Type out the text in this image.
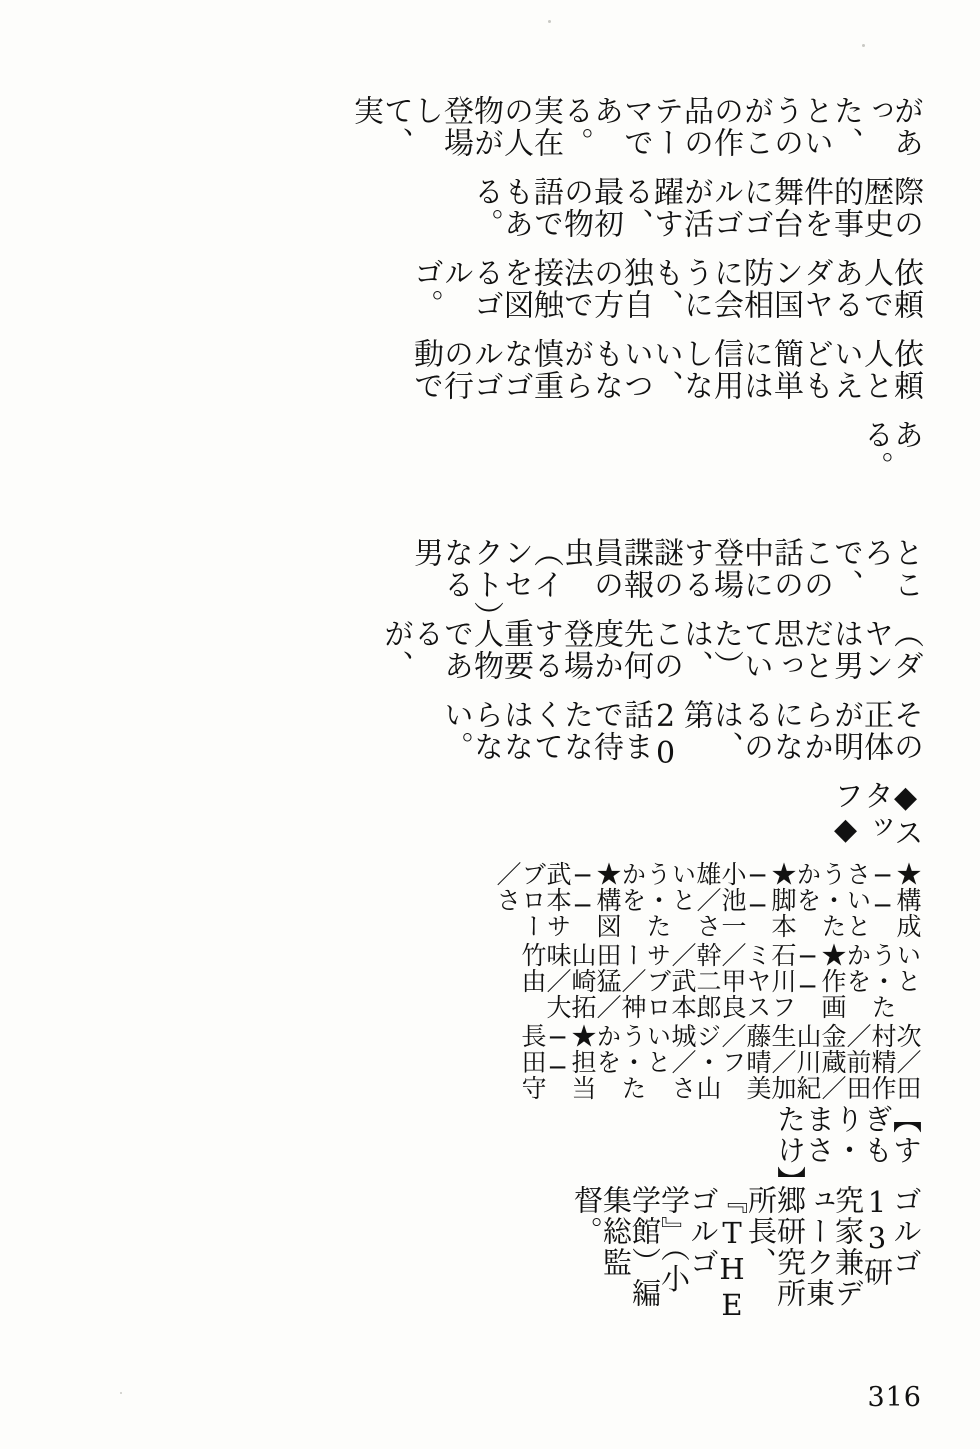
があった、というのがこの作品のテーマである。実在の人物が登場して、実
際の歴史的事件を舞台にゴルゴが活躍する、最初の物語でもある。
依頼人であるダヤン国防相に会うにも、独自の方法で接触を図るゴルゴ。
依頼人といえども簡単には信用しない、いつもながら慎重なゴルゴの行動で
ある。
ところで、この話の中に登場する謎の諜報員の虫（インセクト）なる男
（ダヤンは男だと思っていた）は、この先何度か登場する重要人物であるが、
その正体が明らかになるのは、第20話まで待たなくてはならない。
◆スタッフ◆
★構成──さいとう・たかを　★脚本──小池一雄／さいとう・たかを　★構図──武本サブロー／さ
いとう・たかを　★作画──石川フミヤス／甲良幹二郎／武本サブロー／神田猛／山崎拓味／大竹由
次／田村精作／前田金蔵／山川紀生／加藤晴美／フジ・山城／さいとう・たかを　★担当──長田守
【すぎもり・まさたけ】
ゴルゴ13研究家兼デューク東郷研究所所長、『THEゴルゴ学』（小学館）編集総監督。
316
